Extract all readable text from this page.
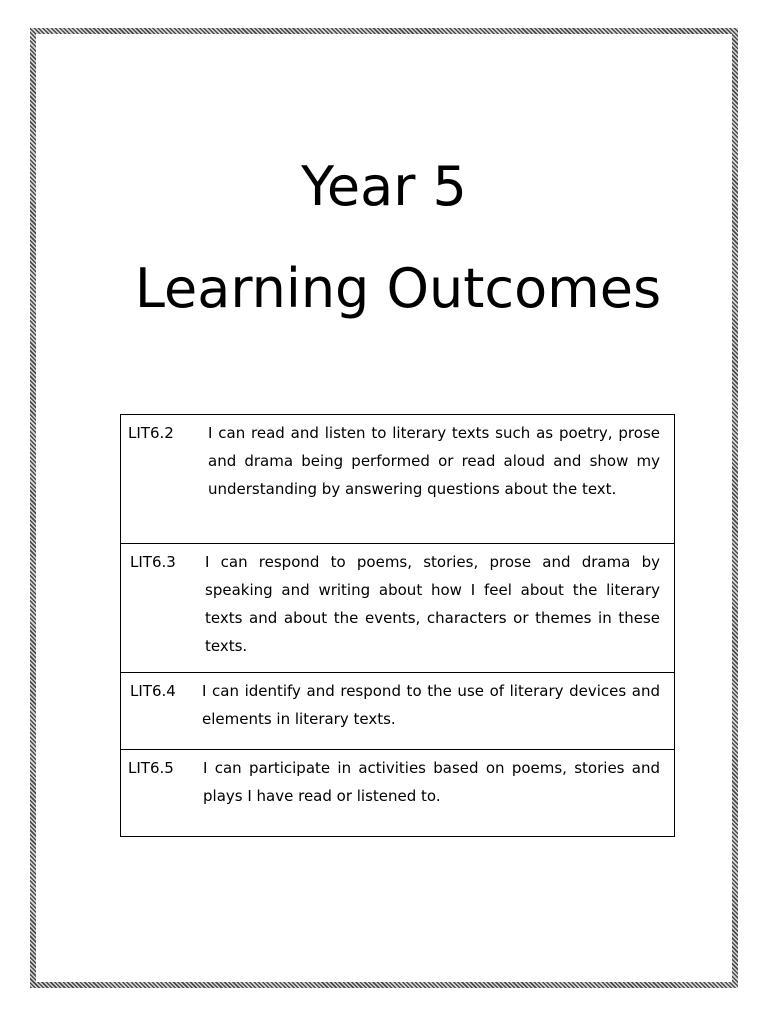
Year 5
Learning Outcomes
LIT6.2	I can read and listen to literary texts such as poetry, prose and drama being performed or read aloud and show my understanding by answering questions about the text.
LIT6.3	I can respond to poems, stories, prose and drama by speaking and writing about how I feel about the literary texts and about the events, characters or themes in these texts.
LIT6.4	I can identify and respond to the use of literary devices and elements in literary texts.
LIT6.5	I can participate in activities based on poems, stories and plays I have read or listened to.
